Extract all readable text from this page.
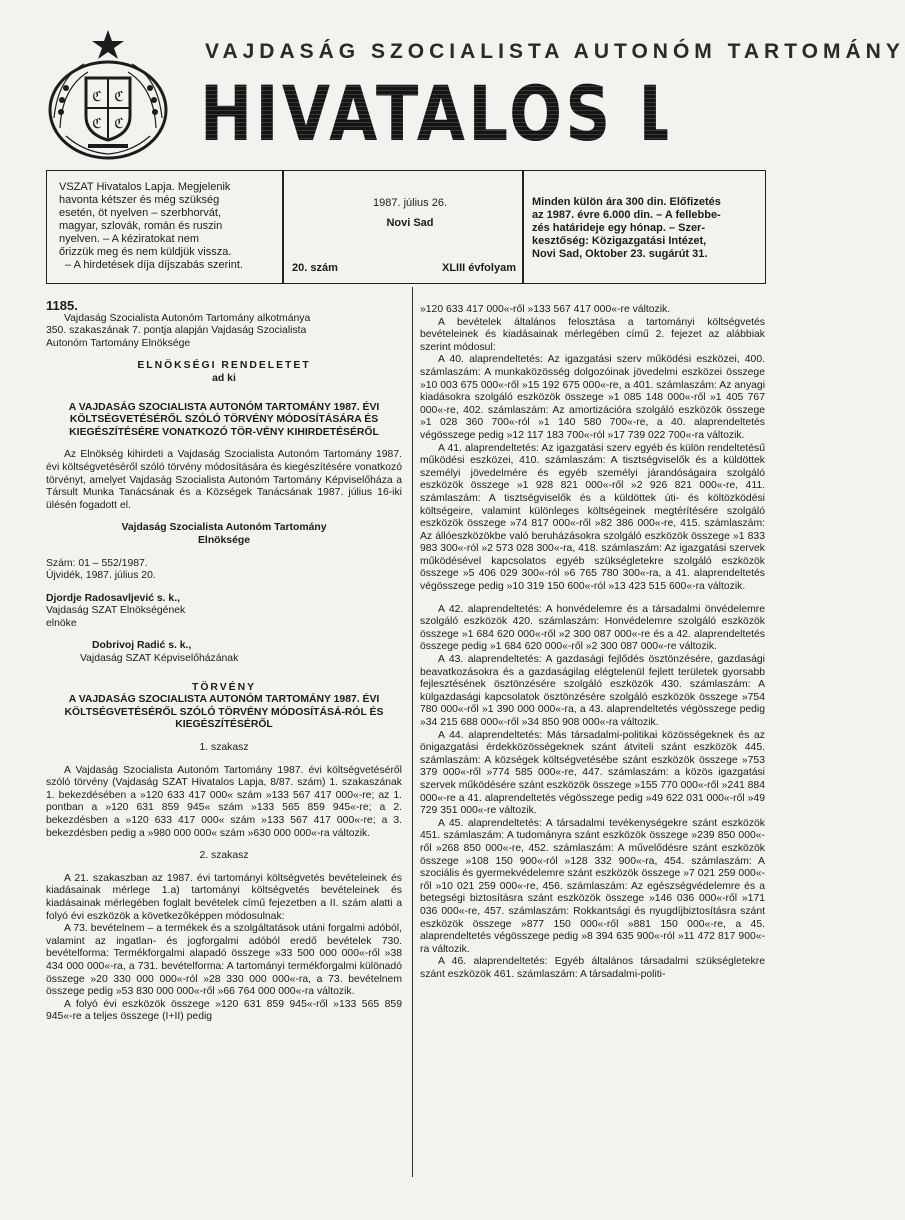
ℭ ℭ
ℭ ℭ
VAJDASÁG SZOCIALISTA AUTONÓM TARTOMÁNY
HIVATALOS LAPJA
VSZAT Hivatalos Lapja. Megjelenik
havonta kétszer és még szükség
esetén, öt nyelven – szerbhorvát,
magyar, szlovák, román és ruszin
nyelven. – A kéziratokat nem
őrizzük meg és nem küldjük vissza.
– A hirdetések díja díjszabás szerint.
1987. július 26.
Novi Sad
20. szám	XLIII évfolyam
Minden külön ára 300 din. Előfizetés
az 1987. évre 6.000 din. – A fellebbe-
zés határideje egy hónap. – Szer-
kesztőség: Közigazgatási Intézet,
Novi Sad, Oktober 23. sugárút 31.

1185.

Vajdaság Szocialista Autonóm Tartomány alkotmánya

350. szakaszának 7. pontja alapján Vajdaság Szocialista

Autonóm Tartomány Elnöksége

ELNÖKSÉGI RENDELETET

ad ki

A VAJDASÁG SZOCIALISTA AUTONÓM TARTOMÁNY 1987. ÉVI KÖLTSÉGVETÉSÉRŐL SZÓLÓ TÖRVÉNY MÓDOSÍTÁSÁRA ÉS KIEGÉSZÍTÉSÉRE VONATKOZÓ TÖR-VÉNY KIHIRDETÉSÉRŐL

Az Elnökség kihirdeti a Vajdaság Szocialista Autonóm Tartomány 1987. évi költségvetéséről szóló törvény módosítására és kiegészítésére vonatkozó törvényt, amelyet Vajdaság Szocialista Autonóm Tartomány Képviselőháza a Társult Munka Tanácsának és a Községek Tanácsának 1987. július 16-iki ülésén fogadott el.

Vajdaság Szocialista Autonóm Tartomány Elnöksége

Szám: 01 – 552/1987.

Újvidék, 1987. július 20.

Djordje Radosavljević s. k.,

Vajdaság SZAT Elnökségének

elnöke

Dobrivoj Radić s. k.,

Vajdaság SZAT Képviselőházának

TÖRVÉNY

A VAJDASÁG SZOCIALISTA AUTONÓM TARTOMÁNY 1987. ÉVI KÖLTSÉGVETÉSÉRŐL SZÓLÓ TÖRVÉNY MÓDOSÍTÁSÁ-RÓL ÉS KIEGÉSZÍTÉSÉRŐL

1. szakasz

A Vajdaság Szocialista Autonóm Tartomány 1987. évi költségvetéséről szóló törvény (Vajdaság SZAT Hivatalos Lapja, 8/87. szám) 1. szakaszának 1. bekezdésében a »120 633 417 000« szám »133 567 417 000«-re; az 1. pontban a »120 631 859 945« szám »133 565 859 945«-re; a 2. bekezdésben a »120 633 417 000« szám »133 567 417 000«-re; a 3. bekezdésben pedig a »980 000 000« szám »630 000 000«-ra változik.

2. szakasz

A 21. szakaszban az 1987. évi tartományi költségvetés bevételeinek és kiadásainak mérlege 1.a) tartományi költségvetés bevételeinek és kiadásainak mérlegében foglalt bevételek című fejezetben a II. szám alatti a folyó évi eszközök a következőképpen módosulnak:

A 73. bevételnem – a termékek és a szolgáltatások utáni forgalmi adóból, valamint az ingatlan- és jogforgalmi adóból eredő bevételek 730. bevételforma: Termékforgalmi alapadó összege »33 500 000 000«-ről »38 434 000 000«-ra, a 731. bevételforma: A tartományi termékforgalmi különadó összege »20 330 000 000«-ról »28 330 000 000«-ra, a 73. bevételnem összege pedig »53 830 000 000«-ről »66 764 000 000«-ra változik.

A folyó évi eszközök összege »120 631 859 945«-ről »133 565 859 945«-re a teljes összege (I+II) pedig

»120 633 417 000«-ről »133 567 417 000«-re változik.

A bevételek általános felosztása a tartományi költségvetés bevételeinek és kiadásainak mérlegében című 2. fejezet az alábbiak szerint módosul:

A 40. alaprendeltetés: Az igazgatási szerv működési eszközei, 400. számlaszám: A munkaközösség dolgozóinak jövedelmi eszközei összege »10 003 675 000«-ről »15 192 675 000«-re, a 401. számlaszám: Az anyagi kiadásokra szolgáló eszközök összege »1 085 148 000«-ről »1 405 767 000«-re, 402. számlaszám: Az amortizációra szolgáló eszközök összege »1 028 360 700«-ról »1 140 580 700«-re, a 40. alaprendeltetés végösszege pedig »12 117 183 700«-ról »17 739 022 700«-ra változik.

A 41. alaprendeltetés: Az igazgatási szerv egyéb és külön rendeltetésű működési eszközei, 410. számlaszám: A tisztségviselők és a küldöttek személyi jövedelmére és egyéb személyi járandóságaira szolgáló eszközök összege »1 928 821 000«-ről »2 926 821 000«-re, 411. számlaszám: A tisztségviselők és a küldöttek úti- és költözködési költségeire, valamint különleges költségeinek megtérítésére szolgáló eszközök összege »74 817 000«-ről »82 386 000«-re, 415. számlaszám: Az állóeszközökbe való beruházásokra szolgáló eszközök összege »1 833 983 300«-ról »2 573 028 300«-ra, 418. számlaszám: Az igazgatási szervek működésével kapcsolatos egyéb szükségletekre szolgáló eszközök összege »5 406 029 300«-ról »6 765 780 300«-ra, a 41. alaprendeltetés végösszege pedig »10 319 150 600«-ról »13 423 515 600«-ra változik.

A 42. alaprendeltetés: A honvédelemre és a társadalmi önvédelemre szolgáló eszközök 420. számlaszám: Honvédelemre szolgáló eszközök összege »1 684 620 000«-ről »2 300 087 000«-re és a 42. alaprendeltetés összege pedig »1 684 620 000«-ről »2 300 087 000«-re változik.

A 43. alaprendeltetés: A gazdasági fejlődés ösztönzésére, gazdasági beavatkozásokra és a gazdaságilag elégtelenül fejlett területek gyorsabb fejlesztésének ösztönzésére szolgáló eszközök 430. számlaszám: A külgazdasági kapcsolatok ösztönzésére szolgáló eszközök összege »754 780 000«-ről »1 390 000 000«-ra, a 43. alaprendeltetés végösszege pedig »34 215 688 000«-ről »34 850 908 000«-ra változik.

A 44. alaprendeltetés: Más társadalmi-politikai közösségeknek és az önigazgatási érdekközösségeknek szánt átviteli szánt eszközök 445. számlaszám: A községek költségvetésébe szánt eszközök összege »753 379 000«-ről »774 585 000«-re, 447. számlaszám: a közös igazgatási szervek működésére szánt eszközök összege »155 770 000«-ről »241 884 000«-re a 41. alaprendeltetés végösszege pedig »49 622 031 000«-ről »49 729 351 000«-re változik.

A 45. alaprendeltetés: A társadalmi tevékenységekre szánt eszközök 451. számlaszám: A tudományra szánt eszközök összege »239 850 000«-ről »268 850 000«-re, 452. számlaszám: A művelődésre szánt eszközök összege »108 150 900«-ról »128 332 900«-ra, 454. számlaszám: A szociális és gyermekvédelemre szánt eszközök összege »7 021 259 000«-ről »10 021 259 000«-re, 456. számlaszám: Az egészségvédelemre és a betegségi biztosításra szánt eszközök összege »146 036 000«-ről »171 036 000«-re, 457. számlaszám: Rokkantsági és nyugdíjbiztosításra szánt eszközök összege »877 150 000«-ről »881 150 000«-re, a 45. alaprendeltetés végösszege pedig »8 394 635 900«-ról »11 472 817 900«-ra változik.

A 46. alaprendeltetés: Egyéb általános társadalmi szükségletekre szánt eszközök 461. számlaszám: A társadalmi-politi-
